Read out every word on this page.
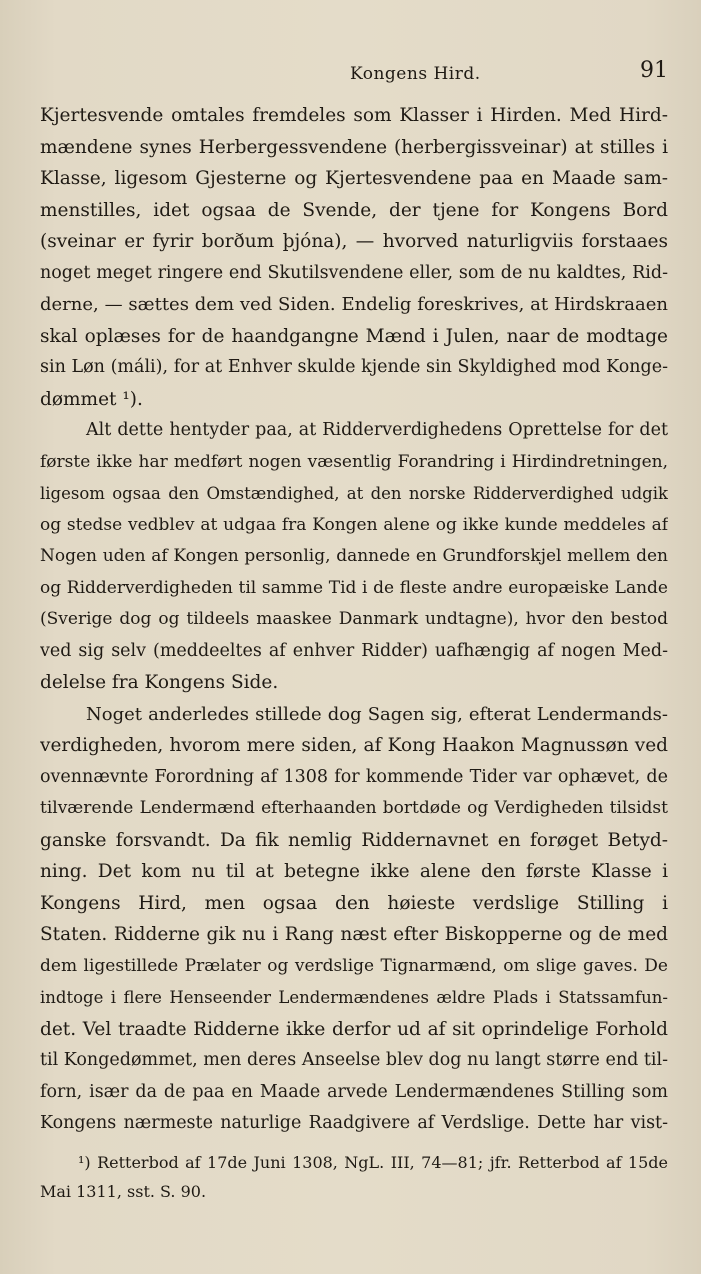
Kongens Hird.	91
Kjertesvende omtales fremdeles som Klasser i Hirden. Med Hird-
mændene synes Herbergessvendene (herbergissveinar) at stilles i
Klasse, ligesom Gjesterne og Kjertesvendene paa en Maade sam-
menstilles, idet ogsaa de Svende, der tjene for Kongens Bord
(sveinar er fyrir borðum þjóna), — hvorved naturligviis forstaaes
noget meget ringere end Skutilsvendene eller, som de nu kaldtes, Rid-
derne, — sættes dem ved Siden. Endelig foreskrives, at Hirdskraaen
skal oplæses for de haandgangne Mænd i Julen, naar de modtage
sin Løn (máli), for at Enhver skulde kjende sin Skyldighed mod Konge-
dømmet ¹).
Alt dette hentyder paa, at Ridderverdighedens Oprettelse for det
første ikke har medført nogen væsentlig Forandring i Hirdindretningen,
ligesom ogsaa den Omstændighed, at den norske Ridderverdighed udgik
og stedse vedblev at udgaa fra Kongen alene og ikke kunde meddeles af
Nogen uden af Kongen personlig, dannede en Grundforskjel mellem den
og Ridderverdigheden til samme Tid i de fleste andre europæiske Lande
(Sverige dog og tildeels maaskee Danmark undtagne), hvor den bestod
ved sig selv (meddeeltes af enhver Ridder) uafhængig af nogen Med-
delelse fra Kongens Side.
Noget anderledes stillede dog Sagen sig, efterat Lendermands-
verdigheden, hvorom mere siden, af Kong Haakon Magnussøn ved
ovennævnte Forordning af 1308 for kommende Tider var ophævet, de
tilværende Lendermænd efterhaanden bortdøde og Verdigheden tilsidst
ganske forsvandt. Da fik nemlig Riddernavnet en forøget Betyd-
ning. Det kom nu til at betegne ikke alene den første Klasse i
Kongens Hird, men ogsaa den høieste verdslige Stilling i
Staten. Ridderne gik nu i Rang næst efter Biskopperne og de med
dem ligestillede Prælater og verdslige Tignarmænd, om slige gaves. De
indtoge i flere Henseender Lendermændenes ældre Plads i Statssamfun-
det. Vel traadte Ridderne ikke derfor ud af sit oprindelige Forhold
til Kongedømmet, men deres Anseelse blev dog nu langt større end til-
forn, især da de paa en Maade arvede Lendermændenes Stilling som
Kongens nærmeste naturlige Raadgivere af Verdslige. Dette har vist-
¹) Retterbod af 17de Juni 1308, NgL. III, 74—81; jfr. Retterbod af 15de
Mai 1311, sst. S. 90.
